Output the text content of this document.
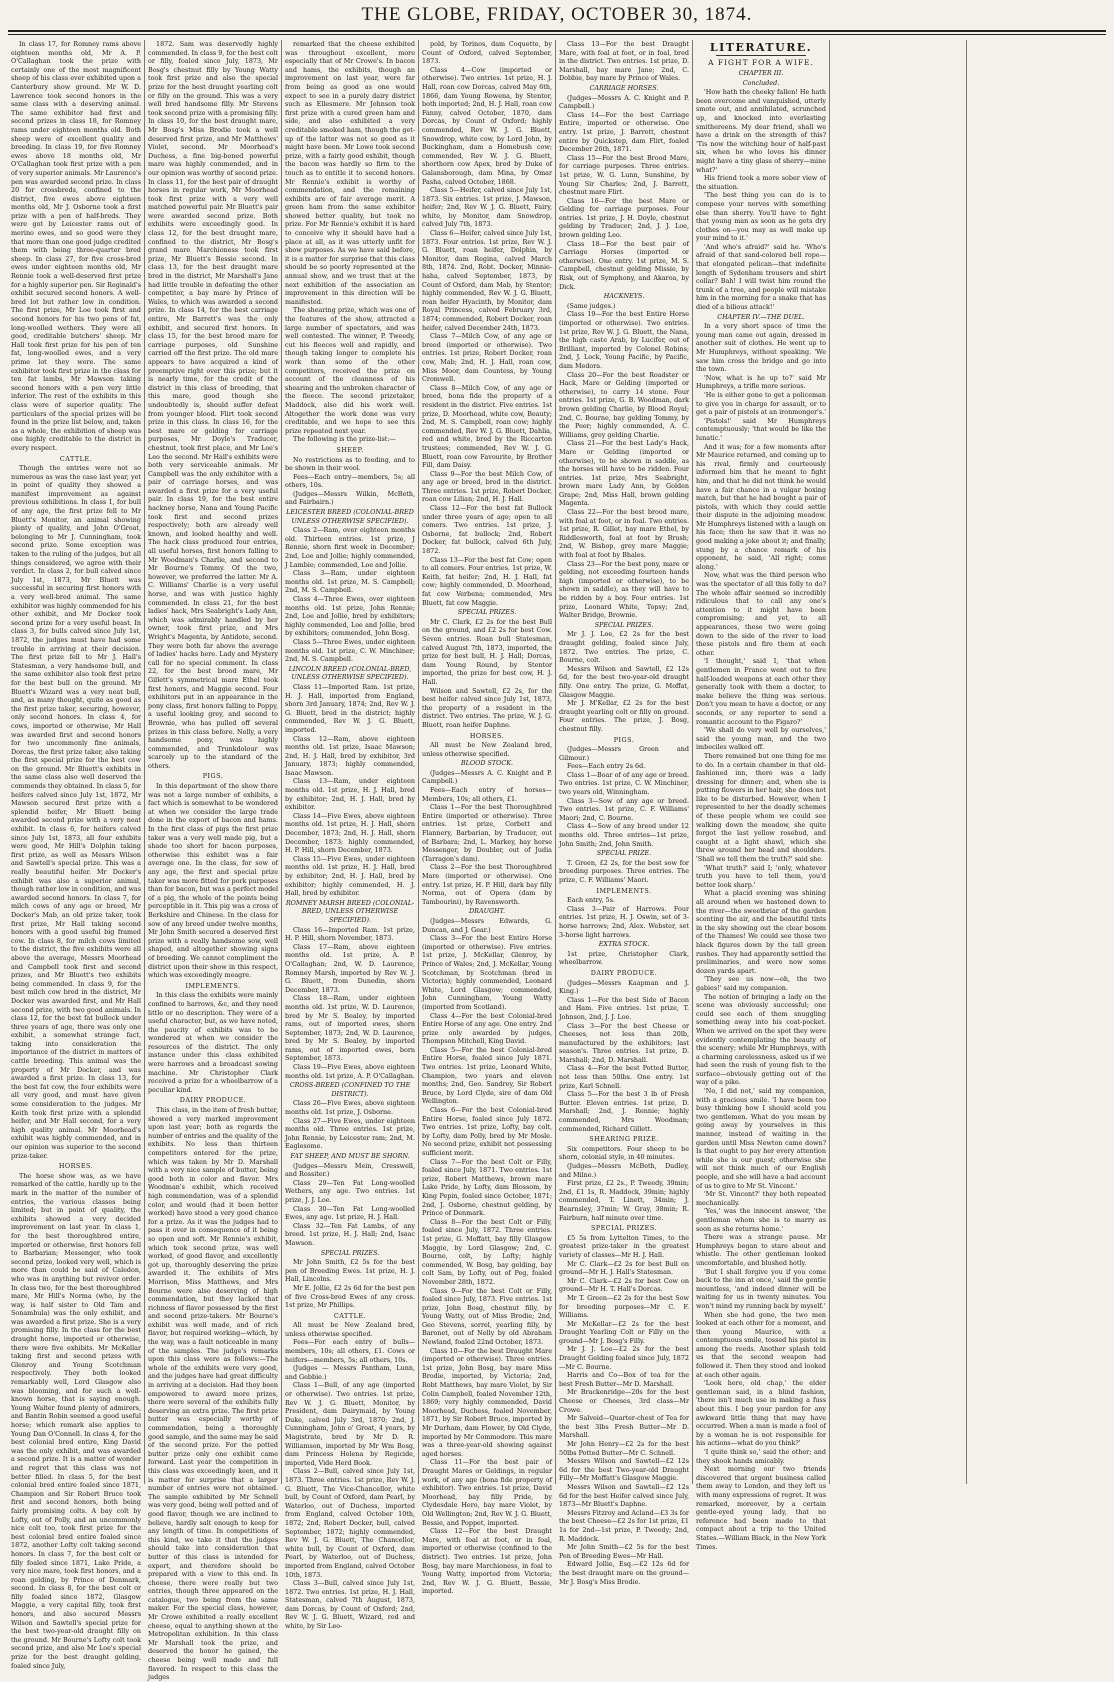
THE GLOBE, FRIDAY, OCTOBER 30, 1874.

In class 17, for Romney rams above eighteen months old, Mr A. P. O'Callaghan took the prize with certainly one of the most magnificent sheep of his class ever exhibited upon a Canterbury show ground. Mr W. D. Lawrence took second honors in the same class with a deserving animal. The same exhibitor had first and second prizes in class 18, for Romney rams under eighteen months old. Both sheep were of excellent quality and breeding. In class 19, for five Romney ewes above 18 months old, Mr O'Callaghan took first prize with a pen of very superior animals. Mr Laurence's pen was awarded second prize. In class 20 for crossbreds, confined to the district, five ewes above eighteen months old, Mr J. Osborne took a first prize with a pen of half-breds. They were got by Leicester rams out of merino ewes, and so good were they that more than one good judge credited them with being three-quarter bred sheep. In class 27, for five cross-bred ewes under eighteen months old, Mr Rennie took a well-deserved first prize for a highly superior pen. Sir Reginald's exhibit secured second honors. A well-bred lot but rather low in condition. The first prize, Mr Loe took first and second honors for his two pens of fat, long-woolled wethers. They were all good, creditable butchers' sheep. Mr Hall took first prize for his pen of ten fat, long-woolled ewes, and a very prime lot they were. The same exhibitor took first prize in the class for ten fat lambs, Mr Mawson taking second honors with a pen very little inferior. The rest of the exhibits in this class were of superior quality. The particulars of the special prizes will be found in the prize list below, and, taken as a whole, the exhibition of sheep was one highly creditable to the district in every respect.

CATTLE.

Though the entries were not so numerous as was the case last year, yet in point of quality they showed a manifest improvement as against previous exhibitions. In class 1, for bull of any age, the first prize fell to Mr Bluett's Monitor, an animal showing plenty of quality, and John O'Groat, belonging to Mr J. Cunningham, took second prize. Some exception was taken to the ruling of the judges, but all things considered, we agree with their verdict. In class 2, for bull calved since July 1st, 1873, Mr Bluett was successful in securing first honors with a very well-bred animal. The same exhibitor was highly commended for his other exhibit, and Mr Docker took second prize for a very useful beast. In class 3, for bulls calved since July 1st, 1872, the judges must have had some trouble in arriving at their decision. The first prize fell to Mr J. Hall's Statesman, a very handsome bull, and the same exhibitor also took first prize for the best bull on the ground. Mr Bluett's Wizard was a very neat bull, and, as many thought, quite as good as the first prize taker, securing, however, only second honors. In class 4, for cows, imported or otherwise, Mr Hall was awarded first and second honors for two uncommonly fine animals, Dorcas, the first prize taker, also taking the first special prize for the best cow on the ground. Mr Bluett's exhibits in the same class also well deserved the commends they obtained. In class 5, for heifers calved since July 1st, 1872, Mr Mawson secured first prize with a splendid heifer, Mr Bluett being awarded second prize with a very neat exhibit. In class 6, for heifers calved since July 1st, 1873, all four exhibits were good, Mr Hill's Dolphin taking first prize, as well as Messrs Wilson and Sawtell's special prize. This was a really beautiful heifer. Mr Docker's exhibit was also a superior animal, though rather low in condition, and was awarded second honors. In class 7, for milch cows of any age or breed, Mr Docker's Mab, an old prize taker, took first prize, Mr Hall taking second honors with a good useful big framed cow. In class 8, for milch cows limited to the district, the five exhibits were all above the average, Messrs Moorhead and Campbell took first and second prizes, and Mr Bluett's two exhibits being commended. In class 9, for the best milch cow bred in the district, Mr Docker was awarded first, and Mr Hall second prize, with two good animals. In class 12, for the best fat bullock under three years of age, there was only one exhibit, a somewhat strange fact, taking into consideration the importance of the district in matters of cattle breeding. This animal was the property of Mr Docker, and was awarded a first prize. In class 13, for the best fat cow, the four exhibits were all very good, and must have given some consideration to the judges. Mr Keith took first prize with a splendid heifer, and Mr Hall second, for a very high quality animal. Mr Moorhead's exhibit was highly commended, and in our opinion was superior to the second prize-taker.

HORSES.

The horse show was, as we have remarked of the cattle, hardly up to the mark in the matter of the number of entries, the various classes being limited; but in point of quality, the exhibits showed a very decided improvement on last year. In class 1, for the best thoroughbred entire, imported or otherwise, first honors fell to Barbarian; Messenger, who took second prize, looked very well, which is more than could be said of Caledon, who was in anything but revivor order. In class two, for the best thoroughbred mare, Mr Hill's Norma (who, by the way, is half sister to Old Tam and Sonambula) was the only exhibit, and was awarded a first prize. She is a very promising filly. In the class for the best draught horse, imported or otherwise, there were five exhibits. Mr McKellar taking first and second prizes with Glenroy and Young Scotchman respectively. They both looked remarkably well, Lord Glasgow also was blooming, and for such a well-known horse, that is saying enough. Young Walter found plenty of admirers, and Bantin Robin seemed a good useful horse; which remark also applies to Young Dan O'Connell. In class 4, for the best colonial bred entire, King David was the only exhibit, and was awarded a second prize. It is a matter of wonder and regret that this class was not better filled. In class 5, for the best colonial bred entire foaled since 1871, Champion and Sir Robert Bruce took first and second honors, both being fairly promising colts. A bay colt by Lofty, out of Polly, and an uncommonly nice colt too, took first prize for the best colonial bred entire foaled since 1872, another Lofty colt taking second honors. In class 7, for the best colt or filly foaled since 1871, Lake Pride, a very nice mare, took first honors, and a roan gelding, by Prince of Denmark, second. In class 8, for the best colt or filly foaled since 1872, Glasgow Maggie, a very capital filly, took first honors, and also secured Messrs Wilson and Sawtell's special prize for the best two-year-old draught filly on the ground. Mr Bourne's Lofty colt took second prize, and also Mr Loe's special prize for the best draught gelding, foaled since July,

1872. Sam was deservedly highly commended. In class 9, for the best colt or filly, foaled since July, 1873, Mr Bosg's chestnut filly by Young Watty took first prize and also the special prize for the best draught yearling colt or filly on the ground. This was a very well bred handsome filly. Mr Stevens took second prize with a promising filly. In class 10, for the best draught mare, Mr Bosg's Miss Brodie took a well deserved first prize, and Mr Matthews' Violet, second. Mr Moorhead's Duchess, a fine big-boned powerful mare was highly commended, and in our opinion was worthy of second prize. In class 11, for the best pair of draught horses in regular work, Mr Moorhead took first prize with a very well matched powerful pair. Mr Bluett's pair were awarded second prize. Both exhibits were exceedingly good. In class 12, for the best draught mare, confined to the district, Mr Bosg's grand mare Marchioness took first prize, Mr Bluett's Bessie second. In class 13, for the best draught mare bred in the district, Mr Marshall's Jane had little trouble in defeating the other competitor, a bay mare by Prince of Wales, to which was awarded a second prize. In class 14, for the best carriage entire, Mr Barrett's was the only exhibit, and secured first honors. In class 15, for the best brood mare for carriage purposes, old Sunshine carried off the first prize. The old mare appears to have acquired a kind of preemptive right over this prize; but it is nearly time, for the credit of the district in this class of breeding, that this mare, good though she undoubtedly is, should suffer defeat from younger blood. Flirt took second prize in this class. In class 16, for the best mare or gelding for carriage purposes, Mr Doyle's Traducer, chestnut, took first place, and Mr Loe's Leo the second. Mr Hall's exhibits were both very serviceable animals. Mr Campbell was the only exhibitor with a pair of carriage horses, and was awarded a first prize for a very useful pair. In class 19, for the best entire hackney horse, Nana and Young Pacific took first and second prizes respectively; both are already well known, and looked healthy and well. The hack class produced four entries, all useful horses, first honors falling to Mr Woodman's Charlie, and second to Mr Bourne's Tommy. Of the two, however, we preferred the latter. Mr A. C. Williams' Charlie is a very useful horse, and was with justice highly commended. In class 21, for the best ladies' hack, Mrs Seabright's Lady Ann, which was admirably handled by her owner, took first prize, and Mrs Wright's Magenta, by Antidote, second. They were both far above the average of ladies' hacks here. Lady and Mystery call for no special comment. In class 22, for the best brood mare, Mr Gillett's symmetrical mare Ethel took first honors, and Maggie second. Four exhibitors put in an appearance in the pony class, first honors falling to Poppy, a useful looking grey, and second to Brownie, who has pulled off several prizes in this class before. Nelly, a very handsome pony, was highly commended, and Trunkdolour was scarcely up to the standard of the others.

PIGS.

In this department of the show there was not a large number of exhibits, a fact which is somewhat to be wondered at when we consider the large trade done in the export of bacon and hams. In the first class of pigs the first prize taker was a very well made pig, but a shade too short for bacon purposes, otherwise this exhibit was a fair average one. In the class, for sow of any age, the first and special prize taker was more fitted for pork purposes than for bacon, but was a perfect model of a pig, the whole of the points being perceptible in it. This pig was a cross of Berkshire and Chinese. In the class for sow of any breed under twelve months, Mr John Smith secured a deserved first prize with a really handsome sow, well shaped, and altogether showing signs of breeding. We cannot compliment the district upon their show in this respect, which was exceedingly meagre.

IMPLEMENTS.

In this class the exhibits were mainly confined to harrows, &c, and they need little or no description. They were of a useful character, but, as we have noted, the paucity of exhibits was to be wondered at when we consider the resources of the district. The only instance under this class exhibited were harrows and a broadcast sowing machine. Mr Christopher Clark received a prize for a wheelbarrow of a peculiar kind.

DAIRY PRODUCE.

This class, in the item of fresh butter, showed a very marked improvement upon last year; both as regards the number of entries and the quality of the exhibits. No less than thirteen competitors entered for the prize, which was taken by Mr D. Marshall with a very nice sample of butter, being good both in color and flavor. Mrs Woodman's exhibit, which received high commendation, was of a splendid color, and would (had it been better worked) have stood a very good chance for a prize. As it was the judges had to pass it over in consequence of it being so open and soft. Mr Rennie's exhibit, which took second prize, was well worked, of good flavor, and excellently got up, thoroughly deserving the prize awarded it. The exhibits of Mrs Morrison, Miss Matthews, and Mrs Bourne were also deserving of high commendation, but they lacked that richness of flavor possessed by the first and second prize-takers. Mr Bourne's exhibit was well made, and of rich flavor, but required working—which, by the way, was a fault noticeable in many of the samples. The judge's remarks upon this class were as follows:—The whole of the exhibits were very good, and the judges have had great difficulty in arriving at a decision. Had they been empowered to award more prizes, there were several of the exhibits fully deserving an extra prize. The first prize butter was especially worthy of commendation, being a thoroughly good sample, and the same may be said of the second prize. For the potted butter prize only one exhibit came forward. Last year the competition in this class was exceedingly keen, and it is matter for surprise that a larger number of entries were not obtained. The sample exhibited by Mr Schnell was very good, being well potted and of good flavor, though we are inclined to believe, hardly salt enough to keep for any length of time. In competitions of this kind, we take it that the judges should take into consideration that butter of this class is intended for export, and therefore should be prepared with a view to this end. In cheese, there were really but two entries, though three appeared on the catalogue, two being from the same maker. For the special class, however, Mr Crowe exhibited a really excellent cheese, equal to anything shown at the Metropolitan exhibition. In this class Mr Marshall took the prize, and deserved the honor he gained, the cheese being well made and full flavored. In respect to this class the judges

remarked that the cheese exhibited was throughout excellent, more especially that of Mr Crowe's. In bacon and hams, the exhibits, though an improvement on last year, were far from being as good as one would expect to see in a purely dairy district such as Ellesmere. Mr Johnson took first prize with a cured green ham and side, and also exhibited a very creditable smoked ham, though the get-up of the latter was not so good as it might have been. Mr Lowe took second prize, with a fairly good exhibit, though the bacon was hardly so firm to the touch as to entitle it to second honors. Mr Rennie's exhibit is worthy of commendation, and the remaining exhibits are of fair average merit. A green ham from the same exhibitor showed better quality, but took no prize. For Mr Rennie's exhibit it is hard to conceive why it should have had a place at all, as it was utterly unfit for show purposes. As we have said before, it is a matter for surprise that this class should be so poorly represented at the annual show, and we trust that at the next exhibition of the association an improvement in this direction will be manifested.

The shearing prize, which was one of the features of the show, attracted a large number of spectators, and was well contested. The winner, P. Tweedy, cut his fleeces well and rapidly, and though taking longer to complete his work than some of the other competitors, received the prize on account of the cleanness of his shearing and the unbroken character of the fleece. The second prizetaker, Maddock, also did his work well. Altogether the work done was very creditable, and we hope to see this prize repeated next year.

The following is the prize-list:—

SHEEP.

No restrictions as to feeding, and to be shown in their wool.

Fees—Each entry—members, 5s; all others, 10s.

(Judges—Messrs Wilkin, McBeth, and Fairbairn.)

LEICESTER BREED (COLONIAL-BRED UNLESS OTHERWISE SPECIFIED).

Class 2—Ram, over eighteen months old. Thirteen entries. 1st prize, J Rennie, shorn first week in December; 2nd, Loe and Jollie; highly commended, J Lambie; commended, Loe and Jollie.

Class 3—Ram, under eighteen months old. 1st prize, M. S. Campbell; 2nd, M. S. Campbell.

Class 4—Three Ewes, over eighteen months old. 1st prize, John Rennie; 2nd, Loe and Jollie, bred by exhibitors; highly commended, Loe and Jollie, bred by exhibitors; commended, John Bosg.

Class 5—Three Ewes, under eighteen months old. 1st prize, C. W. Minchiner; 2nd, M. S. Campbell.

LINCOLN BREED (COLONIAL-BRED, UNLESS OTHERWISE SPECIFIED).

Class 11—Imported Ram. 1st prize, H. J. Hall, imported from England, shorn 3rd January, 1874; 2nd, Rev W. J. G. Bluett, bred in the district; highly commended, Rev W. J. G. Bluett, imported.

Class 12—Ram, above eighteen months old. 1st prize, Isaac Mawson; 2nd, H. J. Hall, bred by exhibitor, 3rd January, 1873; highly commended, Isaac Mawson.

Class 13—Ram, under eighteen months old. 1st prize, H. J. Hall, bred by exhibitor; 2nd, H. J. Hall, bred by exhibitor.

Class 14—Five Ewes, above eighteen months old. 1st prize, H. J. Hall, shorn December, 1873; 2nd, H. J. Hall, shorn December, 1873; highly commended, H. P. Hill, shorn December, 1873.

Class 15—Five Ewes, under eighteen months old. 1st prize, H. J. Hall, bred by exhibitor; 2nd, H. J. Hall, bred by exhibitor; highly commended, H. J. Hall, bred by exhibitor.

ROMNEY MARSH BREED (COLONIAL-BRED, UNLESS OTHERWISE SPECIFIED).

Class 16—Imported Ram. 1st prize, H. P. Hill, shorn November, 1873.

Class 17—Ram, above eighteen months old. 1st prize, A. P. O'Callaghan; 2nd, W. D. Laurence, Romney Marsh, imported by Rev W. J. G. Bluett, from Dunedin, shorn December, 1873.

Class 18—Ram, under eighteen months old. 1st prize, W. D. Laurence, bred by Mr S. Bealey, by imported rams, out of imported ewes, shorn September, 1873; 2nd, W. D. Laurence, bred by Mr S. Bealey, by imported rams, out of imported ewes, born September, 1873.

Class 19—Five Ewes, above eighteen months old. 1st prize, A. P. O'Callaghan.

CROSS-BREED (CONFINED TO THE DISTRICT).

Class 26—Five Ewes, above eighteen months old. 1st prize, J. Osborne.

Class 27—Five Ewes, under eighteen months old. Three entries. 1st prize, John Rennie, by Leicester ram; 2nd, M. Eaglesome.

FAT SHEEP, AND MUST BE SHORN.

(Judges—Messrs Mein, Cresswell, and Rossiter.)

Class 29—Ten Fat Long-woolled Wethers, any age. Two entries. 1st prize, J. J. Loe.

Class 30—Ten Fat Long-woolled Ewes, any age. 1st prize, H. J. Hall.

Class 32—Ten Fat Lambs, of any breed. 1st prize, H. J. Hall; 2nd, Isaac Mawson.

SPECIAL PRIZES.

Mr John Smith, £2 5s for the best pen of Breeding Ewes. 1st prize, H. J. Hall, Lincolns.

Mr E. Jollie, £2 2s 6d for the best pen of five Cross-bred Ewes of any cross. 1st prize, Mr Phillips.

CATTLE.

All must be New Zealand bred, unless otherwise specified.

Fees—For each entry of bulls—members, 10s; all others, £1. Cows or heifers—members, 5s; all others, 10s.

(Judges — Messrs Pantham, Lunn, and Gebbie.)

Class 1—Bull, of any age (imported or otherwise). Two entries. 1st prize, Rev W. J. G. Bluett, Monitor, by President, dam Dairymaid, by Young Duke, calved July 3rd, 1870; 2nd, J. Cunningham, John o' Groat, 4 years, by Magistrate, bred by Mr D. R. Williamson, imported by Mr Wm Bosg, dam Princess Helena by Regicide, imported, Vide Herd Book.

Class 2—Bull, calved since July 1st, 1873. Three entries. 1st prize, Rev W. J. G. Bluett, The Vice-Chancellor, white bull, by Count of Oxford, dam Pearl, by Waterloo, out of Duchess, imported from England, calved October 10th, 1872; 2nd, Robert Docker, bull, calved September, 1872; highly commended, Rev W. J. G. Bluett, The Chancellor, white bull, by Count of Oxford, dam Pearl, by Waterloo, out of Duchess, imported from England, calved October 10th, 1873.

Class 3—Bull, calved since July 1st, 1872. Two entries. 1st prize, H. J. Hall, Statesman, calved 7th August, 1873, dam Dorcas, by Count of Oxford; 2nd, Rev W. J. G. Bluett, Wizard, red and white, by Sir Leo-

pold, by Torinos, dam Coquette, by Count of Oxford, calved September, 1873.

Class 4—Cow (imported or otherwise). Two entries. 1st prize, H. J. Hall, roan cow Dorcas, calved May 6th, 1866, dam Young Rowena, by Stentor, both imported; 2nd, H. J. Hall, roan cow Fanny, calved October, 1870, dam Dorcas, by Count of Oxford; highly commended, Rev W. J. G. Bluett, Snowdrop, white cow, by Lord John, by Buckingham, dam a Homebush cow; commended, Rev W. J. G. Bluett, shorthorn cow Apex, bred by Duke of Galansborough, dam Mina, by Omar Pasha, calved October, 1868.

Class 5—Heifer, calved since July 1st, 1873. Six entries. 1st prize, J. Mawson, heifer; 2nd, Rev W. J. G. Bluett, Fairy, white, by Monitor, dam Snowdrop, calved July 7th, 1873.

Class 6—Heifer, calved since July 1st, 1873. Four entries. 1st prize, Rev W. J. G. Bluett, roan heifer, Dolphin, by Monitor, dam Regina, calved March 8th, 1874. 2nd, Robt. Docker, Minnie-haha, calved September, 1873, by Count of Oxford, dam Mab, by Stentor; highly commended, Rev W. J. G. Bluett, roan heifer Hyacinth, by Monitor, dam Royal Princess, calved February 3rd, 1874; commended, Robert Docker, roan heifer, calved December 24th, 1873.

Class 7—Milch Cow, of any age or breed (imported or otherwise). Two entries. 1st prize, Robert Docker, roan cow, Mab; 2nd, H. J. Hall, roan cow, Miss Moor, dam Countess, by Young Cromwell.

Class 8—Milch Cow, of any age or breed, bona fide the property of a resident in the district. Five entries. 1st prize, D. Moorhead, white cow, Beauty; 2nd, M. S. Campbell, roan cow; highly commended, Rev W. J. G. Bluett, Dahlia, red and white, bred by the Riccarton trustees; commended, Rev W. J. G. Bluett, roan cow Favourite, by Brother Fill, dam Daisy.

Class 9—For the best Milch Cow, of any age or breed, bred in the district. Three entries. 1st prize, Robert Docker, roan cow Lilian; 2nd, H. J. Hall.

Class 12—For the best fat Bullock under three years of age; open to all comers. Two entries. 1st prize, J. Osborne, fat bullock; 2nd, Robert Docker, fat bullock, calved 6th July, 1872.

Class 13—For the best fat Cow; open to all comers. Four entries. 1st prize, W. Keith, fat heifer; 2nd, H. J. Hall, fat cow; highly commended, D. Moorhead, fat cow Verbena; commended, Mrs Bluett, fat cow Maggie.

SPECIAL PRIZES.

Mr C. Clark, £2 2s for the best Bull on the ground, and £2 2s for best Cow. Seven entries. Roan bull Statesman, calved August 7th, 1873, imported, the prize for best bull, H. J. Hall; Dorcas, dam Young Round, by Stentor imported, the prize for best cow, H. J. Hall.

Wilson and Sawtell, £2 2s, for the best heifer calved since July 1st, 1873, the property of a resident in the district. Two entries. The prize, W. J. G. Bluett, roan heifer Daphne.

HORSES.

All must be New Zealand bred, unless otherwise specified.

BLOOD STOCK.

(Judges—Messrs A. C. Knight and P. Campbell.)

Fees—Each entry of horses—Members, 10s; all others, £1.

Class 1—For the best Thoroughbred Entire (imported or otherwise). Three entries. 1st prize, Corbett and Flannery, Barbarian, by Traducer, out of Barbara; 2nd, L. Markey, bay horse Messenger, by Doubler, out of Judia (Tarragon's dam).

Class 2—For the best Thoroughbred Mare (imported or otherwise). One entry. 1st prize, H. P. Hill, dark bay filly Norma, out of Opera (dam by Tambourini), by Ravensworth.

DRAUGHT.

(Judges—Messrs Edwards, G. Duncan, and J. Gear.)

Class 3—For the best Entire Horse (imported or otherwise). Five entries. 1st prize, J. McKellar, Glenroy, by Prince of Wales; 2nd, J. McKellar, Young Scotchman, by Scotchman (bred in Victoria); highly commended, Leonard White, Lord Glasgow; commended, John Cunningham, Young Watty (imported from Scotland).

Class 4—For the best Colonial-bred Entire Horse of any age. One entry. 2nd prize only awarded by judges, Thompson Mitchell, King David.

Class 5—For the best Colonial-bred Entire Horse, foaled since July 1871. Two entries. 1st prize, Leonard White, Champion, two years and eleven months; 2nd, Geo. Sandrey, Sir Robert Bruce, by Lord Clyde, sire of dam Old Wellington.

Class 6—For the best Colonial-bred Entire Horse, foaled since July 1872. Two entries. 1st prize, Lofty, bay colt, by Lofty, dam Polly, bred by Mr Mosle. No second prize, exhibit not possessing sufficient merit.

Class 7—For the best Colt or Filly, foaled since July, 1871. Two entries. 1st prize, Robert Matthews, brown mare Lake Pride, by Lofty, dam Blossom, by King Pepin, foaled since October, 1871; 2nd, J. Osborne, chestnut gelding, by Prince of Denmark.

Class 8—For the best Colt or Filly, foaled since July, 1872. Three entries. 1st prize, G. Moffatt, bay filly Glasgow Maggie, by Lord Glasgow; 2nd, C. Bourne, colt, by Lofty; highly commended, W. Bosg, bay gelding, bay colt Sam, by Lofty, out of Peg, foaled November 28th, 1872.

Class 9—For the best Colt or Filly, foaled since July, 1873. Five entries. 1st prize, John Bosg, chestnut filly, by Young Watty, out of Miss Brodie; 2nd, Geo Stevens, sorrel, yearling filly, by Baronet, out of Nelly by old Abraham Newland, foaled 22nd October, 1873.

Class 10—For the best Draught Mare (imported or otherwise). Three entries. 1st prize, John Bosg, bay mare Miss Brodie, imported, by Victoria; 2nd, Robt Matthews, bay mare Violet, by Sir Colin Campbell, foaled November 12th, 1869; very highly commended, David Moorhead, Duchess, foaled November, 1871, by Sir Robert Bruce, imported by Mr Durham, dam Flower, by Old Clyde, imported by Mr Commodore. This mare was a three-year-old showing against aged horses.

Class 11—For the best pair of Draught Mares or Geldings, in regular work, of any age (bona fide property of exhibitor). Two entries. 1st prize, David Moorhead, bay filly Pride, by Clydesdale Hero, bay mare Violet, by Old Wellington; 2nd, Rev W. J. G. Bluett, Bessie, and Poppet, imported.

Class 12—For the best Draught Mare, with foal at foot, or in foal, imported or otherwise (confined to the district). Two entries. 1st prize, John Bosg, bay mare Marchioness, in foal to Young Watty, imported from Victoria; 2nd, Rev W. J. G. Bluett, Bessie, imported.

Class 13—For the best Draught Mare, with foal at foot, or in foal, bred in the district. Two entries. 1st prize, D. Marshall, bay mare Jane; 2nd, C. Dobbie, bay mare by Prince of Wales.

CARRIAGE HORSES.

(Judges—Messrs A. C. Knight and P. Campbell.)

Class 14—For the best Carriage Entire, imported or otherwise. One entry. 1st prize, J. Barrett, chestnut entire by Quickstep, dam Flirt, foaled December 26th, 1871.

Class 15—For the best Brood Mare, for carriage purposes. Three entries. 1st prize, W. G. Lunn, Sunshine, by Young Sir Charles; 2nd, J. Barrett, chestnut mare Flirt.

Class 16—For the best Mare or Gelding for carriage purposes. Four entries. 1st prize, J. H. Doyle, chestnut gelding by Traducer; 2nd, J. J. Loe, brown gelding Leo.

Class 18—For the best pair of Carriage Horses (imported or otherwise). One entry. 1st prize, M. S. Campbell, chestnut gelding Missie, by Risk, out of Symphony, and Akaroa, by Dick.

HACKNEYS.

(Same judges.)

Class 19—For the best Entire Horse (imported or otherwise). Two entries. 1st prize, Rev W. J. G. Bluett, the Nana, the high caste Arab, by Lucifer, out of Brilliant, imported by Colonel Robins; 2nd, J. Lock, Young Pacific, by Pacific, dam Medora.

Class 20—For the best Roadster or Hack, Mare or Gelding (imported or otherwise), to carry 14 stone. Four entries. 1st prize, G. B. Woodman, dark brown gelding Charlie, by Blood Royal; 2nd, C. Bourne, bay gelding Tommy, by the Peer; highly commended, A. C. Williams, grey gelding Charlie.

Class 21—For the best Lady's Hack, Mare or Gelding (imported or otherwise), to be shown in saddle, as the horses will have to be ridden. Four entries. 1st prize, Mrs Seabright, brown mare Lady Ann, by Golden Grape; 2nd, Miss Hall, brown gelding Magenta.

Class 22—For the best brood mare, with foal at foot, or in foal. Two entries. 1st prize, R. Gillet, bay mare Ethel, by Riddlesworth, foal at foot by Brush; 2nd, W. Bishop, grey mare Maggie; with foal at foot by Bhales.

Class 23—For the best pony, mare or gelding, not exceeding fourteen hands high (imported or otherwise), to be shown in saddle), as they will have to be ridden by a boy. Four entries. 1st prize, Leonard White, Topsy; 2nd, Walter Bridge, Brownie.

SPECIAL PRIZES.

Mr J. J. Loe, £2 2s for the best draught gelding, foaled since July, 1872. Two entries. The prize, C. Bourne, colt.

Messrs Wilson and Sawtell, £2 12s 6d, for the best two-year-old draught filly. One entry. The prize, G. Moffat, Glasgow Maggie.

Mr J. M'Kellar, £2 2s for the best draught yearling colt or filly on ground. Four entries. The prize, J. Bosg, chestnut filly.

PIGS.

(Judges—Messrs Green and Gilmour.)

Fees—Each entry 2s 6d.

Class 1—Boar of of any age or breed. Two entries. 1st prize, C. W. Minchiner, two years old, Winningham.

Class 3—Sow of any age or breed. Two entries. 1st prize, C. F. Williams' Maori; 2nd, C. Bourne.

Class 4—Sow of any breed under 12 months old. Three entries—1st prize, John Smith; 2nd, John Smith.

SPECIAL PRIZE.

T. Green, £2 2s, for the best sow for breeding purposes. Three entries. The prize, C. F. Williams' Maori.

IMPLEMENTS.

Each entry, 5s.

Class 3—Pair of Harrows. Four entries. 1st prize, H. J. Oswin, set of 3-horse harrows; 2nd, Alex. Webster, set 3-horse light harrows.

EXTRA STOCK.

1st prize, Christopher Clark, wheelbarrow.

DAIRY PRODUCE.

(Judges—Messrs Kaapman and J. King.)

Class 1—For the best Side of Bacon and Ham. Five entries. 1st prize, T. Johnson, 2nd, J. J. Loe.

Class 3—For the best Cheese or Cheeses, not less than 20lb, manufactured by the exhibitors; last season's. Three entries. 1st prize, D. Marshall; 2nd, D. Marshall.

Class 4—For the best Potted Butter, not less than 50lbs. One entry. 1st prize, Karl Schnell.

Class 5—For the best 3 lb of Fresh Butter. Eleven entries. 1st prize, D. Marshall; 2nd, J. Rennie; highly commended, Mrs Woodman; commended, Richard Gillett.

SHEARING PRIZE.

Six competitors. Four sheep to be shorn, colonial style, in 40 minutes.

(Judges—Messrs McBeth, Dudley, and Milne.)

First prize, £2 2s., P. Tweedy, 39min; 2nd, £1 1s, R. Maddock, 39min; highly commended, T. Linett, 34min; J. Bearnsley, 37min; W. Gray, 38min; R. Fairburn, half minute over time.

SPECIAL PRIZES.

£5 5s from Lyttelton Times, to the greatest prize-taker in the greatest variety of classes—Mr H. J. Hall.

Mr C. Clark—£2 2s for best Bull on ground—Mr H. J. Hall's Statesman.

Mr C. Clark—£2 2s for best Cow on ground—Mr H. T. Hall's Dorcas.

Mr T. Green—£2 2s for the best Sow for breeding purposes—Mr C. F. Williams.

Mr McKellar—£2 2s for the best Draught Yearling Colt or Filly on the ground—Mr J. Bosg's Filly.

Mr J. J. Loe—£2 2s for the best Draught Gelding foaled since July, 1872—Mr C. Bourne.

Harris and Co—Box of tea for the best Fresh Butter—Mr D. Marshall.

Mr Brackenridge—20s for the best Cheese or Cheeses, 3rd class—Mr Crowe.

Mr Salveid—Quarter-chest of Tea for the best 3lbs Fresh Butter—Mr D. Marshall.

Mr John Henry—£2 2s for the best 50lbs Potted Butter—Mr C. Schnell.

Messrs Wilson and Sawtell—£2 12s 6d for the best Two-year-old Draught Filly—Mr Moffatt's Glasgow Maggie.

Messrs Wilson and Sawtell—£2 12s 6d for the best Heifer calved since July, 1873—Mr Bluett's Daphne.

Messrs Fitzroy and Acland—£3 3s for the best Cheese—£2 2s for 1st prize, £1 1s for 2nd—1st prize, P. Tweedy; 2nd, R. Maddock.

Mr John Smith—£2 5s for the best Pen of Breeding Ewes—Mr Hall.

Edward Jollie, Esq.—£2 12s 6d for the best draught mare on the ground—Mr J. Bosg's Miss Brodie.

LITERATURE.
A FIGHT FOR A WIFE.
CHAPTER III.
Concluded.

'How hath the cheeky fallen! He hath been overcome and vanquished, utterly smote out, and annihilated, scrunched up, and knocked into everlasting smithereens. My dear friend, shall we have a drink on the strength of this? 'Tis now the witching hour of half-past six, when he who loves his dinner might have a tiny glass of sherry—mine what?'

His friend took a more sober view of the situation.

'The best thing you can do is to compose your nerves with something else than sherry. You'll have to fight that young man as soon as he gets dry clothes on—you may as well make up your mind to it.'

'And who's afraid?' said he. 'Who's afraid of that sand-colored bell rope—that elongated pelican—that indefinite length of Sydenham trousers and shirt collar? Bah! I will twist him round the trunk of a tree, and people will mistake him in the morning for a snake that has died of a bilious attack!'

CHAPTER IV.—THE DUEL.

In a very short space of time the young man came out again, dressed in another suit of clothes. He went up to Mr Humphreys, without speaking. 'We saw him cross the bridge and go into the town.

'Now, what is he up to?' said Mr Humphreys, a trifle more serious.

'He is either gone to get a policeman to give you in charge for assault, or to get a pair of pistols at an ironmonger's.'

'Pistols!' said Mr Humphreys contemptuously; 'that would be like the lunatic.'

And it was; for a few moments after Mr Maurice returned, and coming up to his rival, firmly and courteously informed him that he meant to fight him, and that he did not think he would have a fair chance in a vulgar boxing match, but that he had bought a pair of pistols, with which they could settle their dispute in the adjoining meadow. Mr Humphreys listened with a laugh on his face; then he saw that it was no good making a joke about it; and finally, stung by a chance remark of his opponent, he said, 'All right; come along.'

Now, what was the third person who was the spectator of all this folly to do? The whole affair seemed so incredibly ridiculous that to call any one's attention to it might have been compromising; and yet, to all appearances, these two were going down to the side of the river to load these pistols and fire them at each other.

'I thought,' said I, 'that when gentlemen in France went out to fire half-loaded weapons at each other they generally took with them a doctor, to make believe the thing was serious. Don't you mean to have a doctor, or any seconds, or any reporter to send a romantic account to the Figaro?'

'We shall do very well by ourselves,' said the young man, and the two imbeciles walked off.

There remained but one thing for me to do. In a certain chamber in that old-fashioned inn, there was a lady dressing for dinner; and, when she is putting flowers in her hair, she does not like to be disturbed. However, when I represented to her the deadly schemes of these people whom we could see walking down the meadow, she quite forgot the last yellow rosebud, and caught at a light shawl, which she threw around her head and shoulders. 'Shall we tell them the truth?' said she.

'What truth?' said I; 'only, whatever truth you have to tell them, you'd better look sharp.'

What a placid evening was shining all around when we hastened down to the river—the sweetbriar of the garden scenting the air, and the beautiful tints in the sky showing out the clear bosom of the Thames! We could see those two black figures down by the tall green rushes. They had apparently settled the preliminaries, and were now some dozen yards apart.

'They see us now—oh, the two gabies!' said my companion.

The notion of bringing a lady on the scene was obviously successful; one could see each of them snuggling something away into his coat-pocket. When we arrived on the spot they were evidently contemplating the beauty of the scenery; while Mr Humphreys, with a charming carelessness, asked us if we had seen the rush of young fish to the surface—obviously getting out of the way of a pike.

'No, I did not,' said my companion, with a gracious smile. 'I have been too busy thinking how I should scold you two gentlemen. What do you mean by going away by yourselves in this manner, instead of waiting in the garden until Miss Newton came down? Is that ought to pay her every attention while she is our guest; otherwise she will not think much of our English people, and she will have a bad account of us to give to Mr St. Vincent.'

'Mr St. Vincent?' they both repeated mechanically.

'Yes,' was the innocent answer, 'the gentleman whom she is to marry as soon as she returns home.'

There was a strange pause. Mr Humphreys began to stare about and whistle. The other gentleman looked uncomfortable, and blushed hotly.

'But I shall forgive you if you come back to the inn at once,' said the gentle mountless, 'and indeed dinner will be waiting for us in twenty minutes. You won't mind my running back by myself.'

When she had gone, the two men looked at each other for a moment, and then young Maurice, with a contemptuous smile, tossed his pistol in among the reeds. Another splash told us that the second weapon had followed it. Then they stood and looked at each other again.

'Look here, old chap,' the elder gentleman said, in a blind fashion, 'there isn't much use in making a fuss about this. I beg your pardon for any awkward little thing that may have occurred. When a man is made a fool of by a woman he is not responsible for his actions—what do you think?'

'I quite think so,' said the other; and they shook hands amicably.

Next morning our two friends discovered that urgent business called them away to London, and they left us with many expressions of regret. It was remarked, moreover, by a certain gentle-eyed young lady, that no reference had been made to that compact about a trip to the United States.—William Black, in the New York Times.
